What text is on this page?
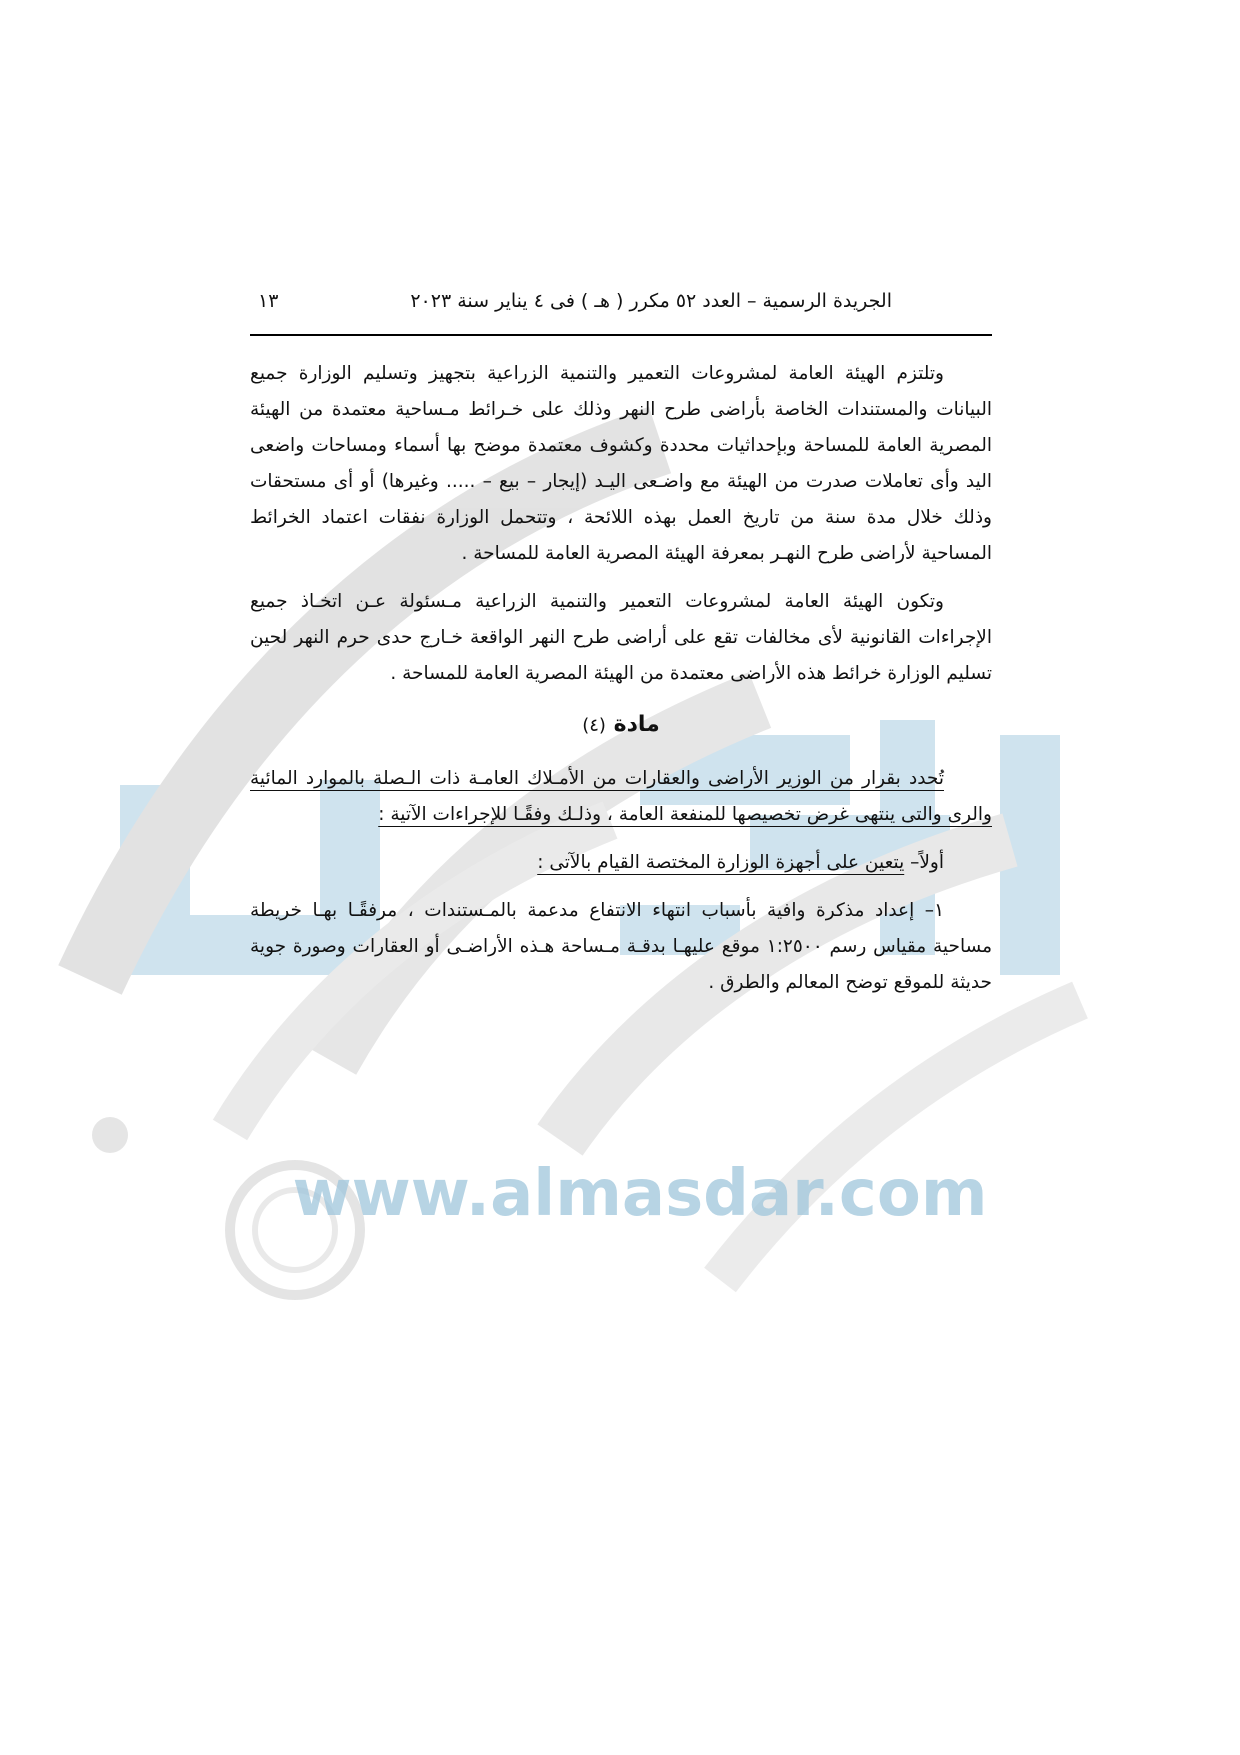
www.almasdar.com
الجريدة الرسمية – العدد ٥٢ مكرر ( هـ ) فى ٤ يناير سنة ٢٠٢٣
١٣

وتلتزم الهيئة العامة لمشروعات التعمير والتنمية الزراعية بتجهيز وتسليم الوزارة جميع البيانات والمستندات الخاصة بأراضى طرح النهر وذلك على خـرائط مـساحية معتمدة من الهيئة المصرية العامة للمساحة وبإحداثيات محددة وكشوف معتمدة موضح بها أسماء ومساحات واضعى اليد وأى تعاملات صدرت من الهيئة مع واضـعى اليـد (إيجار – بيع – ..... وغيرها) أو أى مستحقات وذلك خلال مدة سنة من تاريخ العمل بهذه اللائحة ، وتتحمل الوزارة نفقات اعتماد الخرائط المساحية لأراضى طرح النهـر بمعرفة الهيئة المصرية العامة للمساحة .

وتكون الهيئة العامة لمشروعات التعمير والتنمية الزراعية مـسئولة عـن اتخـاذ جميع الإجراءات القانونية لأى مخالفات تقع على أراضى طرح النهر الواقعة خـارج حدى حرم النهر لحين تسليم الوزارة خرائط هذه الأراضى معتمدة من الهيئة المصرية العامة للمساحة .

مادة (٤)

تُحدد بقرار من الوزير الأراضى والعقارات من الأمـلاك العامـة ذات الـصلة بالموارد المائية والرى والتى ينتهى غرض تخصيصها للمنفعة العامة ، وذلـك وفقًـا للإجراءات الآتية :

أولاً– يتعين على أجهزة الوزارة المختصة القيام بالآتى :

١– إعداد مذكرة وافية بأسباب انتهاء الانتفاع مدعمة بالمـستندات ، مرفقًـا بهـا خريطة مساحية مقياس رسم ١:٢٥٠٠ موقع عليهـا بدقـة مـساحة هـذه الأراضـى أو العقارات وصورة جوية حديثة للموقع توضح المعالم والطرق .
